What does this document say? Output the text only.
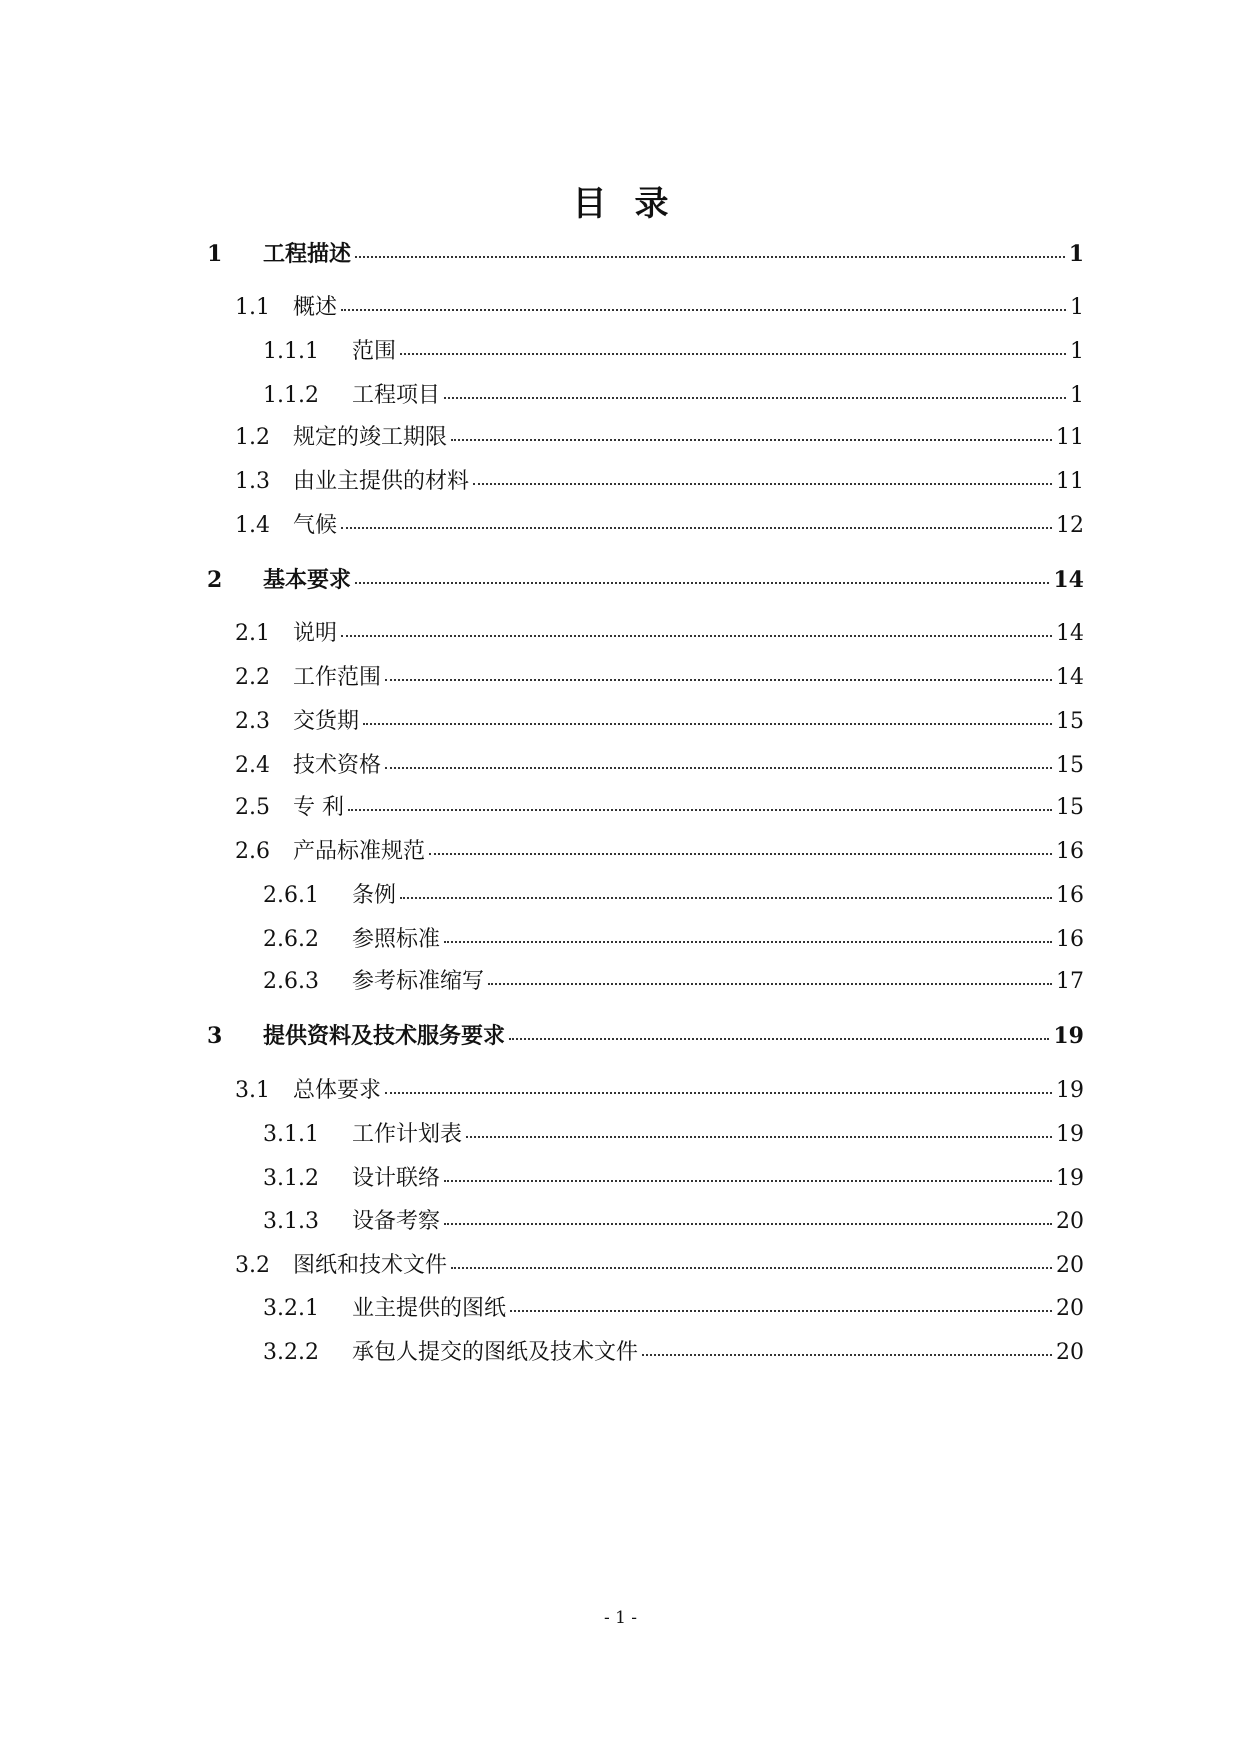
目录
1	工程描述	1
1.1	概述	1
1.1.1	范围	1
1.1.2	工程项目	1
1.2	规定的竣工期限	11
1.3	由业主提供的材料	11
1.4	气候	12
2	基本要求	14
2.1	说明	14
2.2	工作范围	14
2.3	交货期	15
2.4	技术资格	15
2.5	专 利	15
2.6	产品标准规范	16
2.6.1	条例	16
2.6.2	参照标准	16
2.6.3	参考标准缩写	17
3	提供资料及技术服务要求	19
3.1	总体要求	19
3.1.1	工作计划表	19
3.1.2	设计联络	19
3.1.3	设备考察	20
3.2	图纸和技术文件	20
3.2.1	业主提供的图纸	20
3.2.2	承包人提交的图纸及技术文件	20
- 1 -
